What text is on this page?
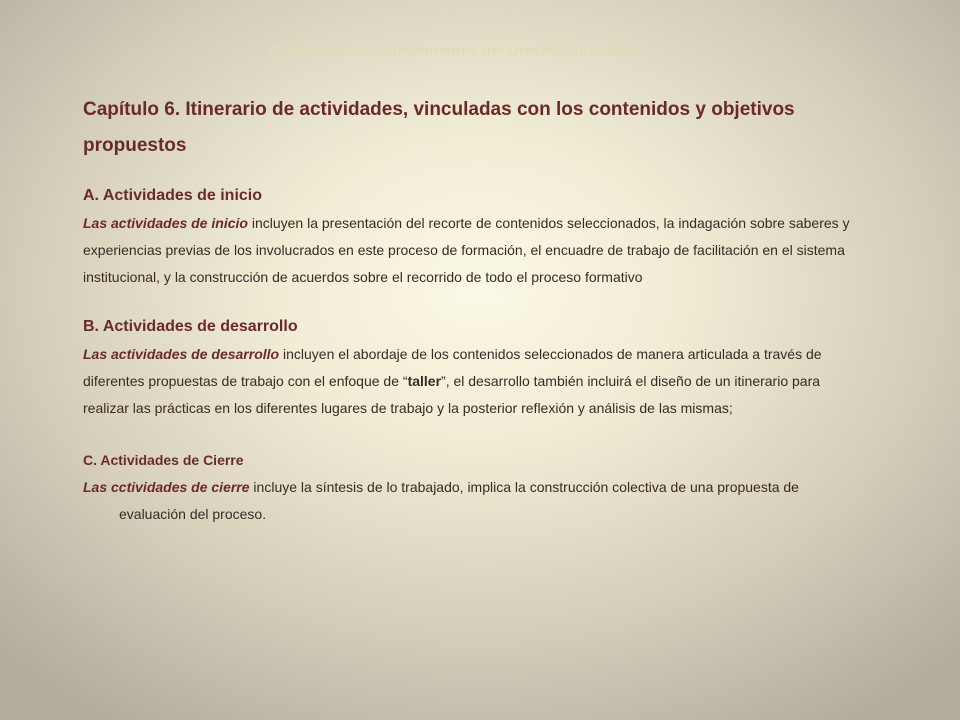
II. Elementos - Componentes del Diseño Curricular

Capítulo 6. Itinerario de actividades, vinculadas con los contenidos y objetivos propuestos

A. Actividades de inicio

Las actividades de inicio incluyen la presentación del recorte de contenidos seleccionados, la indagación sobre saberes y experiencias previas de los involucrados en este proceso de formación, el encuadre de trabajo de facilitación en el sistema institucional, y la construcción de acuerdos sobre el recorrido de todo el proceso formativo

B. Actividades de desarrollo

Las actividades de desarrollo incluyen el abordaje de los contenidos seleccionados de manera articulada a través de diferentes propuestas de trabajo con el enfoque de “taller”, el desarrollo también incluirá el diseño de un itinerario para realizar las prácticas en los diferentes lugares de trabajo y la posterior reflexión y análisis de las mismas;

C. Actividades de Cierre

Las cctividades de cierre incluye la síntesis de lo trabajado, implica la construcción colectiva de una propuesta de evaluación del proceso.
